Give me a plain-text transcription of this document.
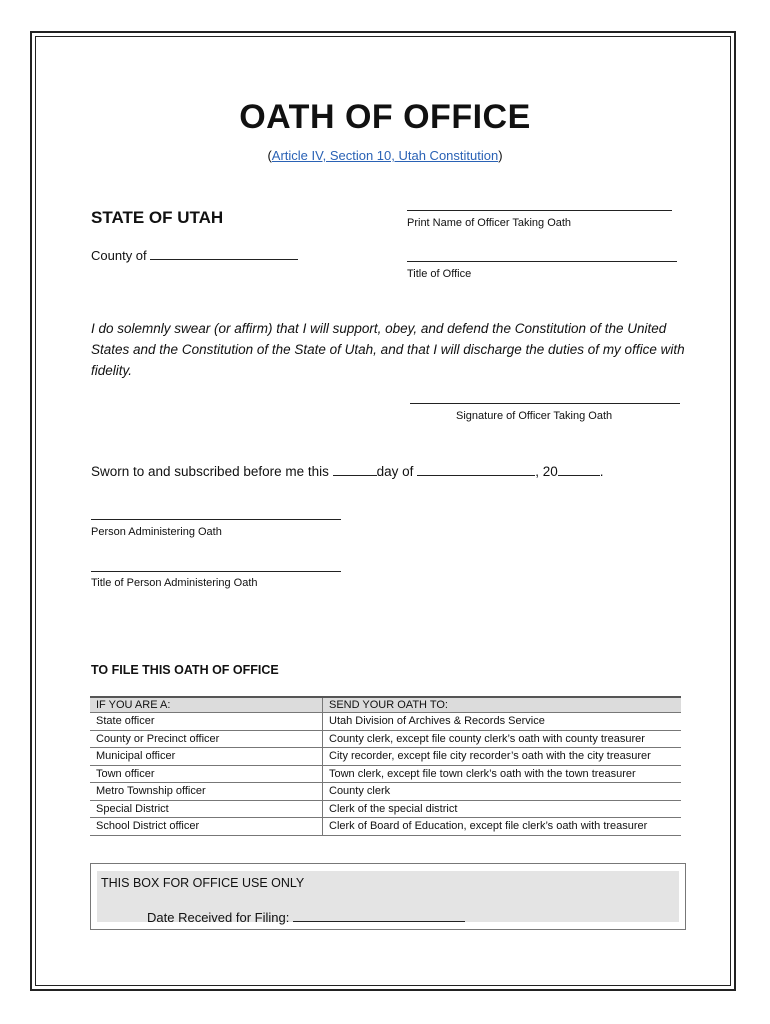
OATH OF OFFICE
(Article IV, Section 10, Utah Constitution)
STATE OF UTAH
County of
Print Name of Officer Taking Oath
Title of Office
I do solemnly swear (or affirm) that I will support, obey, and defend the Constitution of the United States and the Constitution of the State of Utah, and that I will discharge the duties of my office with fidelity.
Signature of Officer Taking Oath
Sworn to and subscribed before me this	day of	, 20	.
Person Administering Oath
Title of Person Administering Oath
TO FILE THIS OATH OF OFFICE
IF YOU ARE A:	SEND YOUR OATH TO:
State officer	Utah Division of Archives & Records Service
County or Precinct officer	County clerk, except file county clerk’s oath with county treasurer
Municipal officer	City recorder, except file city recorder’s oath with the city treasurer
Town officer	Town clerk, except file town clerk’s oath with the town treasurer
Metro Township officer	County clerk
Special District	Clerk of the special district
School District officer	Clerk of Board of Education, except file clerk’s oath with treasurer
THIS BOX FOR OFFICE USE ONLY
Date Received for Filing:
